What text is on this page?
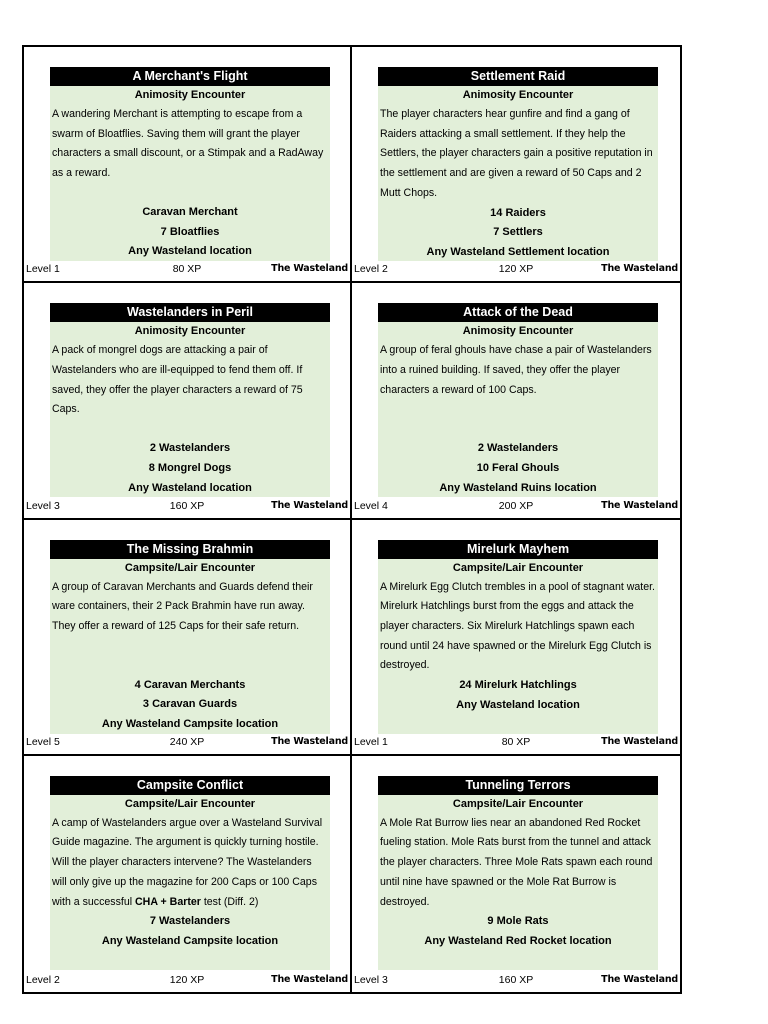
A Merchant's Flight
Animosity Encounter
A wandering Merchant is attempting to escape from a swarm of Bloatflies. Saving them will grant the player characters a small discount, or a Stimpak and a RadAway as a reward.
Caravan Merchant
7 Bloatflies
Any Wasteland location
Level 1	80 XP	The Wasteland
Settlement Raid
Animosity Encounter
The player characters hear gunfire and find a gang of Raiders attacking a small settlement. If they help the Settlers, the player characters gain a positive reputation in the settlement and are given a reward of 50 Caps and 2 Mutt Chops.
14 Raiders
7 Settlers
Any Wasteland Settlement location
Level 2	120 XP	The Wasteland
Wastelanders in Peril
Animosity Encounter
A pack of mongrel dogs are attacking a pair of Wastelanders who are ill-equipped to fend them off. If saved, they offer the player characters a reward of 75 Caps.
2 Wastelanders
8 Mongrel Dogs
Any Wasteland location
Level 3	160 XP	The Wasteland
Attack of the Dead
Animosity Encounter
A group of feral ghouls have chase a pair of Wastelanders into a ruined building. If saved, they offer the player characters a reward of 100 Caps.
2 Wastelanders
10 Feral Ghouls
Any Wasteland Ruins location
Level 4	200 XP	The Wasteland
The Missing Brahmin
Campsite/Lair Encounter
A group of Caravan Merchants and Guards defend their ware containers, their 2 Pack Brahmin have run away. They offer a reward of 125 Caps for their safe return.
4 Caravan Merchants
3 Caravan Guards
Any Wasteland Campsite location
Level 5	240 XP	The Wasteland
Mirelurk Mayhem
Campsite/Lair Encounter
A Mirelurk Egg Clutch trembles in a pool of stagnant water. Mirelurk Hatchlings burst from the eggs and attack the player characters. Six Mirelurk Hatchlings spawn each round until 24 have spawned or the Mirelurk Egg Clutch is destroyed.
24 Mirelurk Hatchlings
Any Wasteland location
Level 1	80 XP	The Wasteland
Campsite Conflict
Campsite/Lair Encounter
A camp of Wastelanders argue over a Wasteland Survival Guide magazine. The argument is quickly turning hostile. Will the player characters intervene? The Wastelanders will only give up the magazine for 200 Caps or 100 Caps with a successful CHA + Barter test (Diff. 2)
7 Wastelanders
Any Wasteland Campsite location
Level 2	120 XP	The Wasteland
Tunneling Terrors
Campsite/Lair Encounter
A Mole Rat Burrow lies near an abandoned Red Rocket fueling station. Mole Rats burst from the tunnel and attack the player characters. Three Mole Rats spawn each round until nine have spawned or the Mole Rat Burrow is destroyed.
9 Mole Rats
Any Wasteland Red Rocket location
Level 3	160 XP	The Wasteland
